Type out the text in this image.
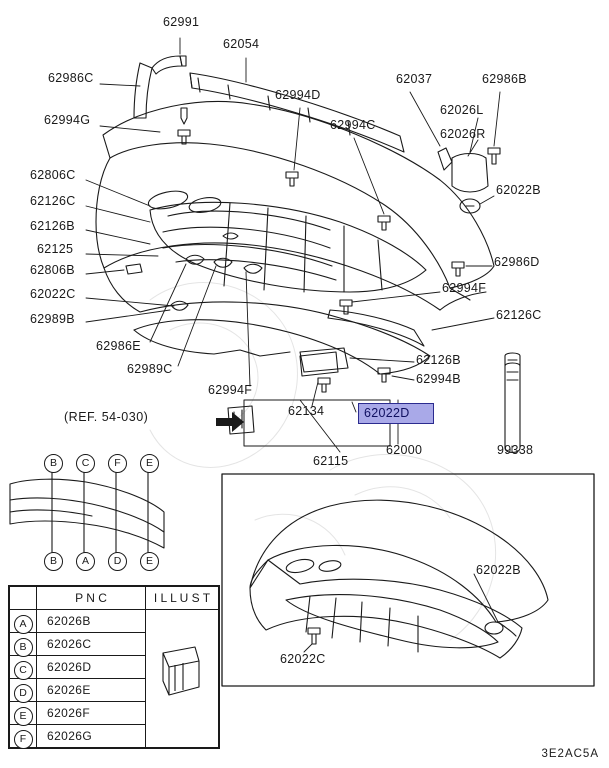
62991
62054
62986C
62994D
62037	62986B
62026L
62994G	62994C
62026R
62022B
62806C
62126C
62126B
62125
62806B
62986D
62022C	62994F
62989B	62126C
62986E
62126B
62989C
62994F
62994B
62134
99338
62115
62000
62022B
62022C
62022D
(REF. 54-030)
B	C	F	E
B	A	D	E
	P N C	I L L U S T
A	62026B	
B	62026C	
C	62026D	
D	62026E	
E	62026F	
F	62026G	
3E2AC5A
